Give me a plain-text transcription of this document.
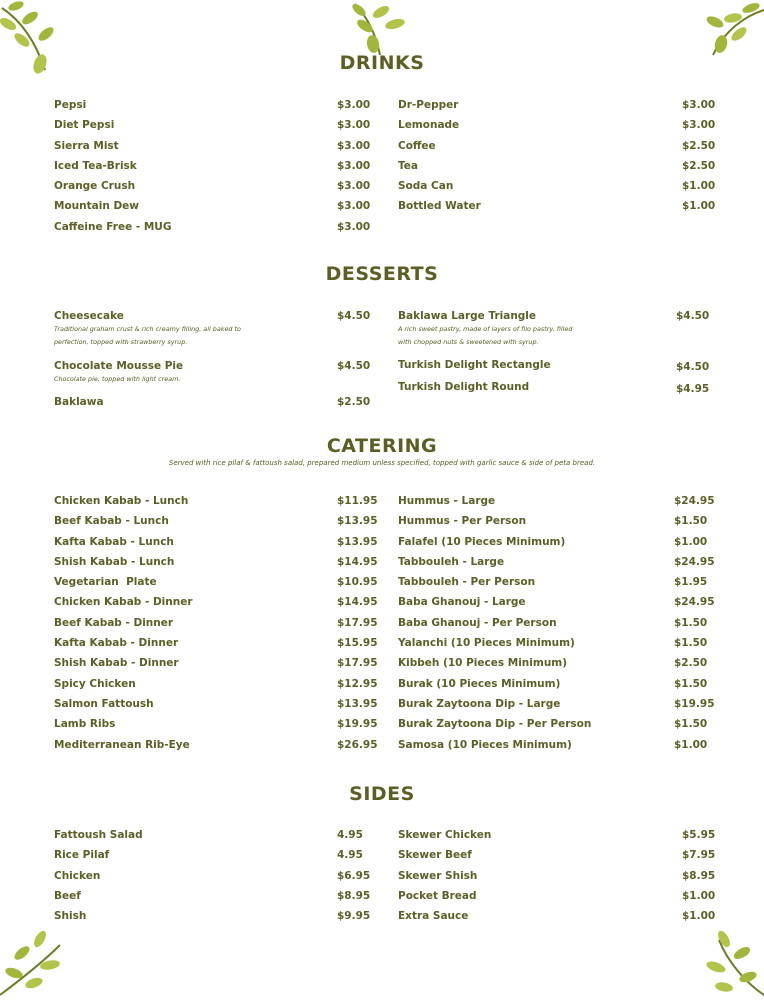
DRINKS
Pepsi	$3.00
Diet Pepsi	$3.00
Sierra Mist	$3.00
Iced Tea-Brisk	$3.00
Orange Crush	$3.00
Mountain Dew	$3.00
Caffeine Free - MUG	$3.00
Dr-Pepper	$3.00
Lemonade	$3.00
Coffee	$2.50
Tea	$2.50
Soda Can	$1.00
Bottled Water	$1.00
DESSERTS
Cheesecake	$4.50
Traditional graham crust & rich creamy filling, all baked to
perfection, topped with strawberry syrup.
Chocolate Mousse Pie	$4.50
Chocolate pie, topped with light cream.
Baklawa	$2.50
Baklawa Large Triangle	$4.50
A rich sweet pastry, made of layers of filo pastry, filled
with chopped nuts & sweetened with syrup.
Turkish Delight Rectangle	$4.50
Turkish Delight Round	$4.95
CATERING
Served with rice pilaf & fattoush salad, prepared medium unless specified, topped with garlic sauce & side of peta bread.
Chicken Kabab - Lunch	$11.95
Beef Kabab - Lunch	$13.95
Kafta Kabab - Lunch	$13.95
Shish Kabab - Lunch	$14.95
Vegetarian  Plate	$10.95
Chicken Kabab - Dinner	$14.95
Beef Kabab - Dinner	$17.95
Kafta Kabab - Dinner	$15.95
Shish Kabab - Dinner	$17.95
Spicy Chicken	$12.95
Salmon Fattoush	$13.95
Lamb Ribs	$19.95
Mediterranean Rib-Eye	$26.95
Hummus - Large	$24.95
Hummus - Per Person	$1.50
Falafel (10 Pieces Minimum)	$1.00
Tabbouleh - Large	$24.95
Tabbouleh - Per Person	$1.95
Baba Ghanouj - Large	$24.95
Baba Ghanouj - Per Person	$1.50
Yalanchi (10 Pieces Minimum)	$1.50
Kibbeh (10 Pieces Minimum)	$2.50
Burak (10 Pieces Minimum)	$1.50
Burak Zaytoona Dip - Large	$19.95
Burak Zaytoona Dip - Per Person	$1.50
Samosa (10 Pieces Minimum)	$1.00
SIDES
Fattoush Salad	4.95
Rice Pilaf	4.95
Chicken	$6.95
Beef	$8.95
Shish	$9.95
Skewer Chicken	$5.95
Skewer Beef	$7.95
Skewer Shish	$8.95
Pocket Bread	$1.00
Extra Sauce	$1.00
